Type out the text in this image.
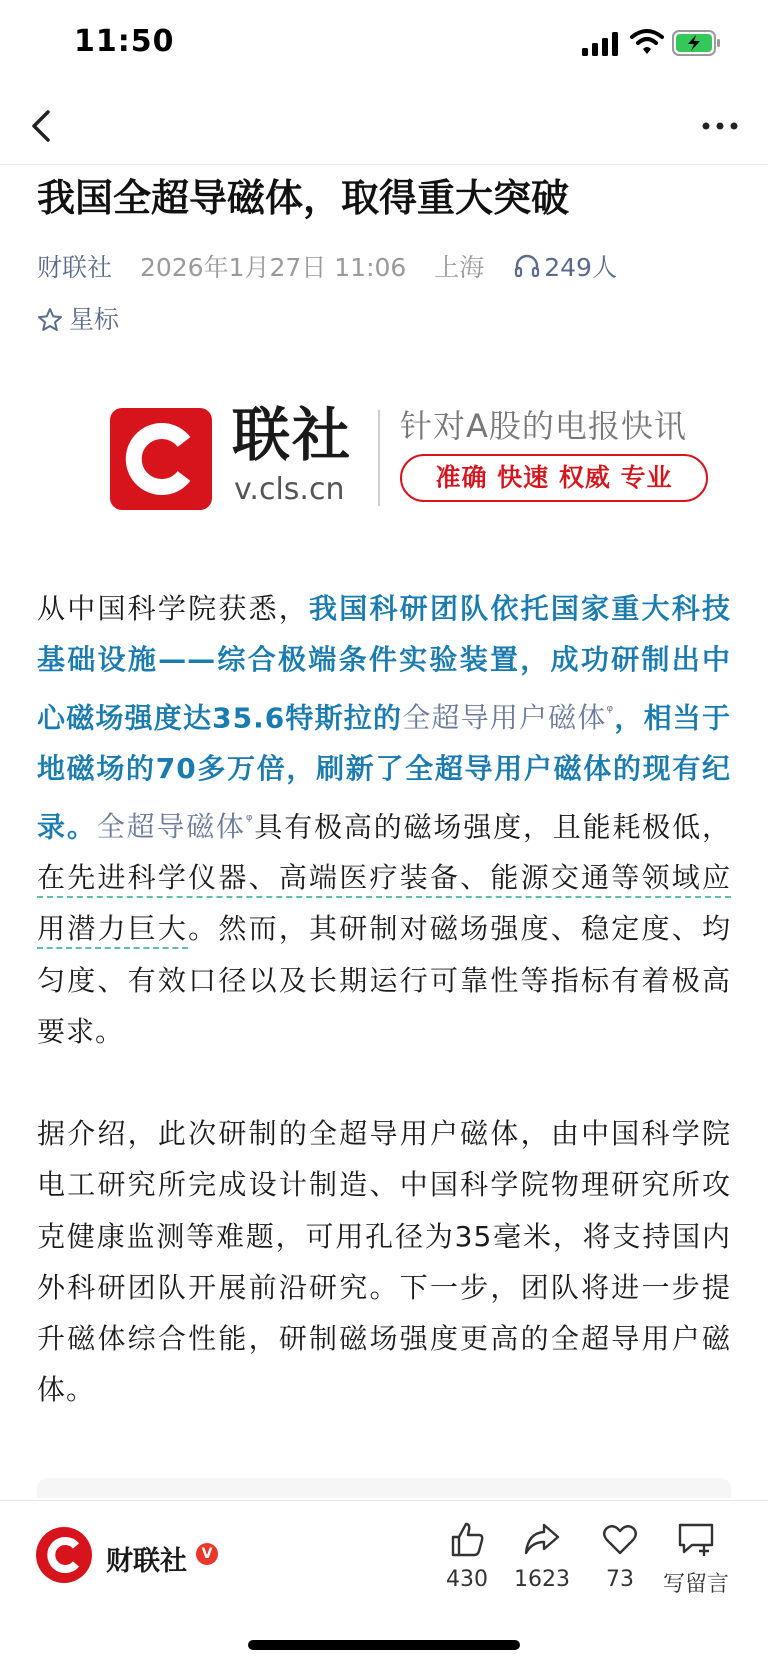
11:50
我国全超导磁体，取得重大突破
财联社 2026年1月27日 11:06 上海 249人
星标
联社
v.cls.cn
针对A股的电报快讯
准确 快速 权威 专业

从中国科学院获悉，我国科研团队依托国家重大科技基础设施——综合极端条件实验装置，成功研制出中心磁场强度达35.6特斯拉的全超导用户磁体$^ᵠ$，相当于地磁场的70多万倍，刷新了全超导用户磁体的现有纪录。全超导磁体$^ᵠ$具有极高的磁场强度，且能耗极低，在先进科学仪器、高端医疗装备、能源交通等领域应用潜力巨大。然而，其研制对磁场强度、稳定度、均匀度、有效口径以及长期运行可靠性等指标有着极高要求。

据介绍，此次研制的全超导用户磁体，由中国科学院电工研究所完成设计制造、中国科学院物理研究所攻克健康监测等难题，可用孔径为35毫米，将支持国内外科研团队开展前沿研究。下一步，团队将进一步提升磁体综合性能，研制磁场强度更高的全超导用户磁体。

财联社	V
430	1623	73	写留言
